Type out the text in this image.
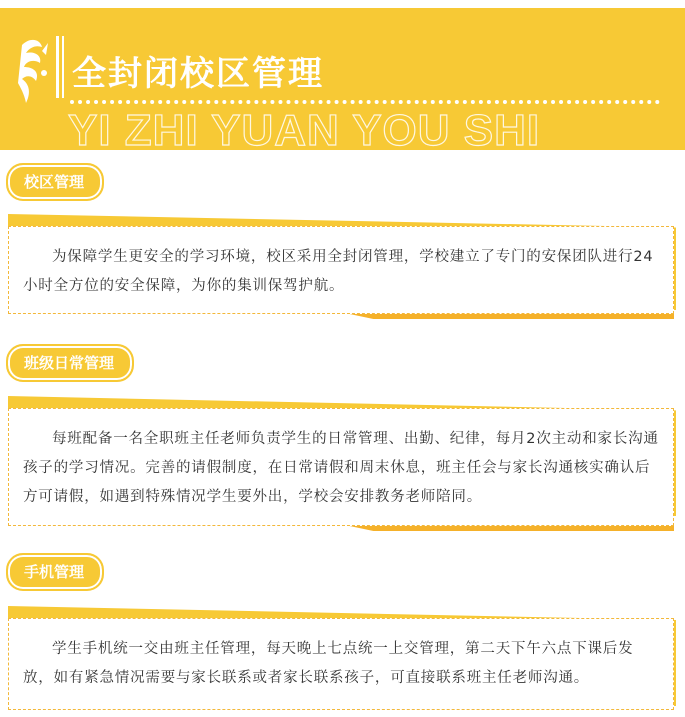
全封闭校区管理
YI ZHI YUAN YOU SHI
校区管理

为保障学生更安全的学习环境，校区采用全封闭管理，学校建立了专门的安保团队进行24小时全方位的安全保障，为你的集训保驾护航。

班级日常管理

每班配备一名全职班主任老师负责学生的日常管理、出勤、纪律，每月2次主动和家长沟通孩子的学习情况。完善的请假制度，在日常请假和周末休息，班主任会与家长沟通核实确认后方可请假，如遇到特殊情况学生要外出，学校会安排教务老师陪同。

手机管理

学生手机统一交由班主任管理，每天晚上七点统一上交管理，第二天下午六点下课后发放，如有紧急情况需要与家长联系或者家长联系孩子，可直接联系班主任老师沟通。
